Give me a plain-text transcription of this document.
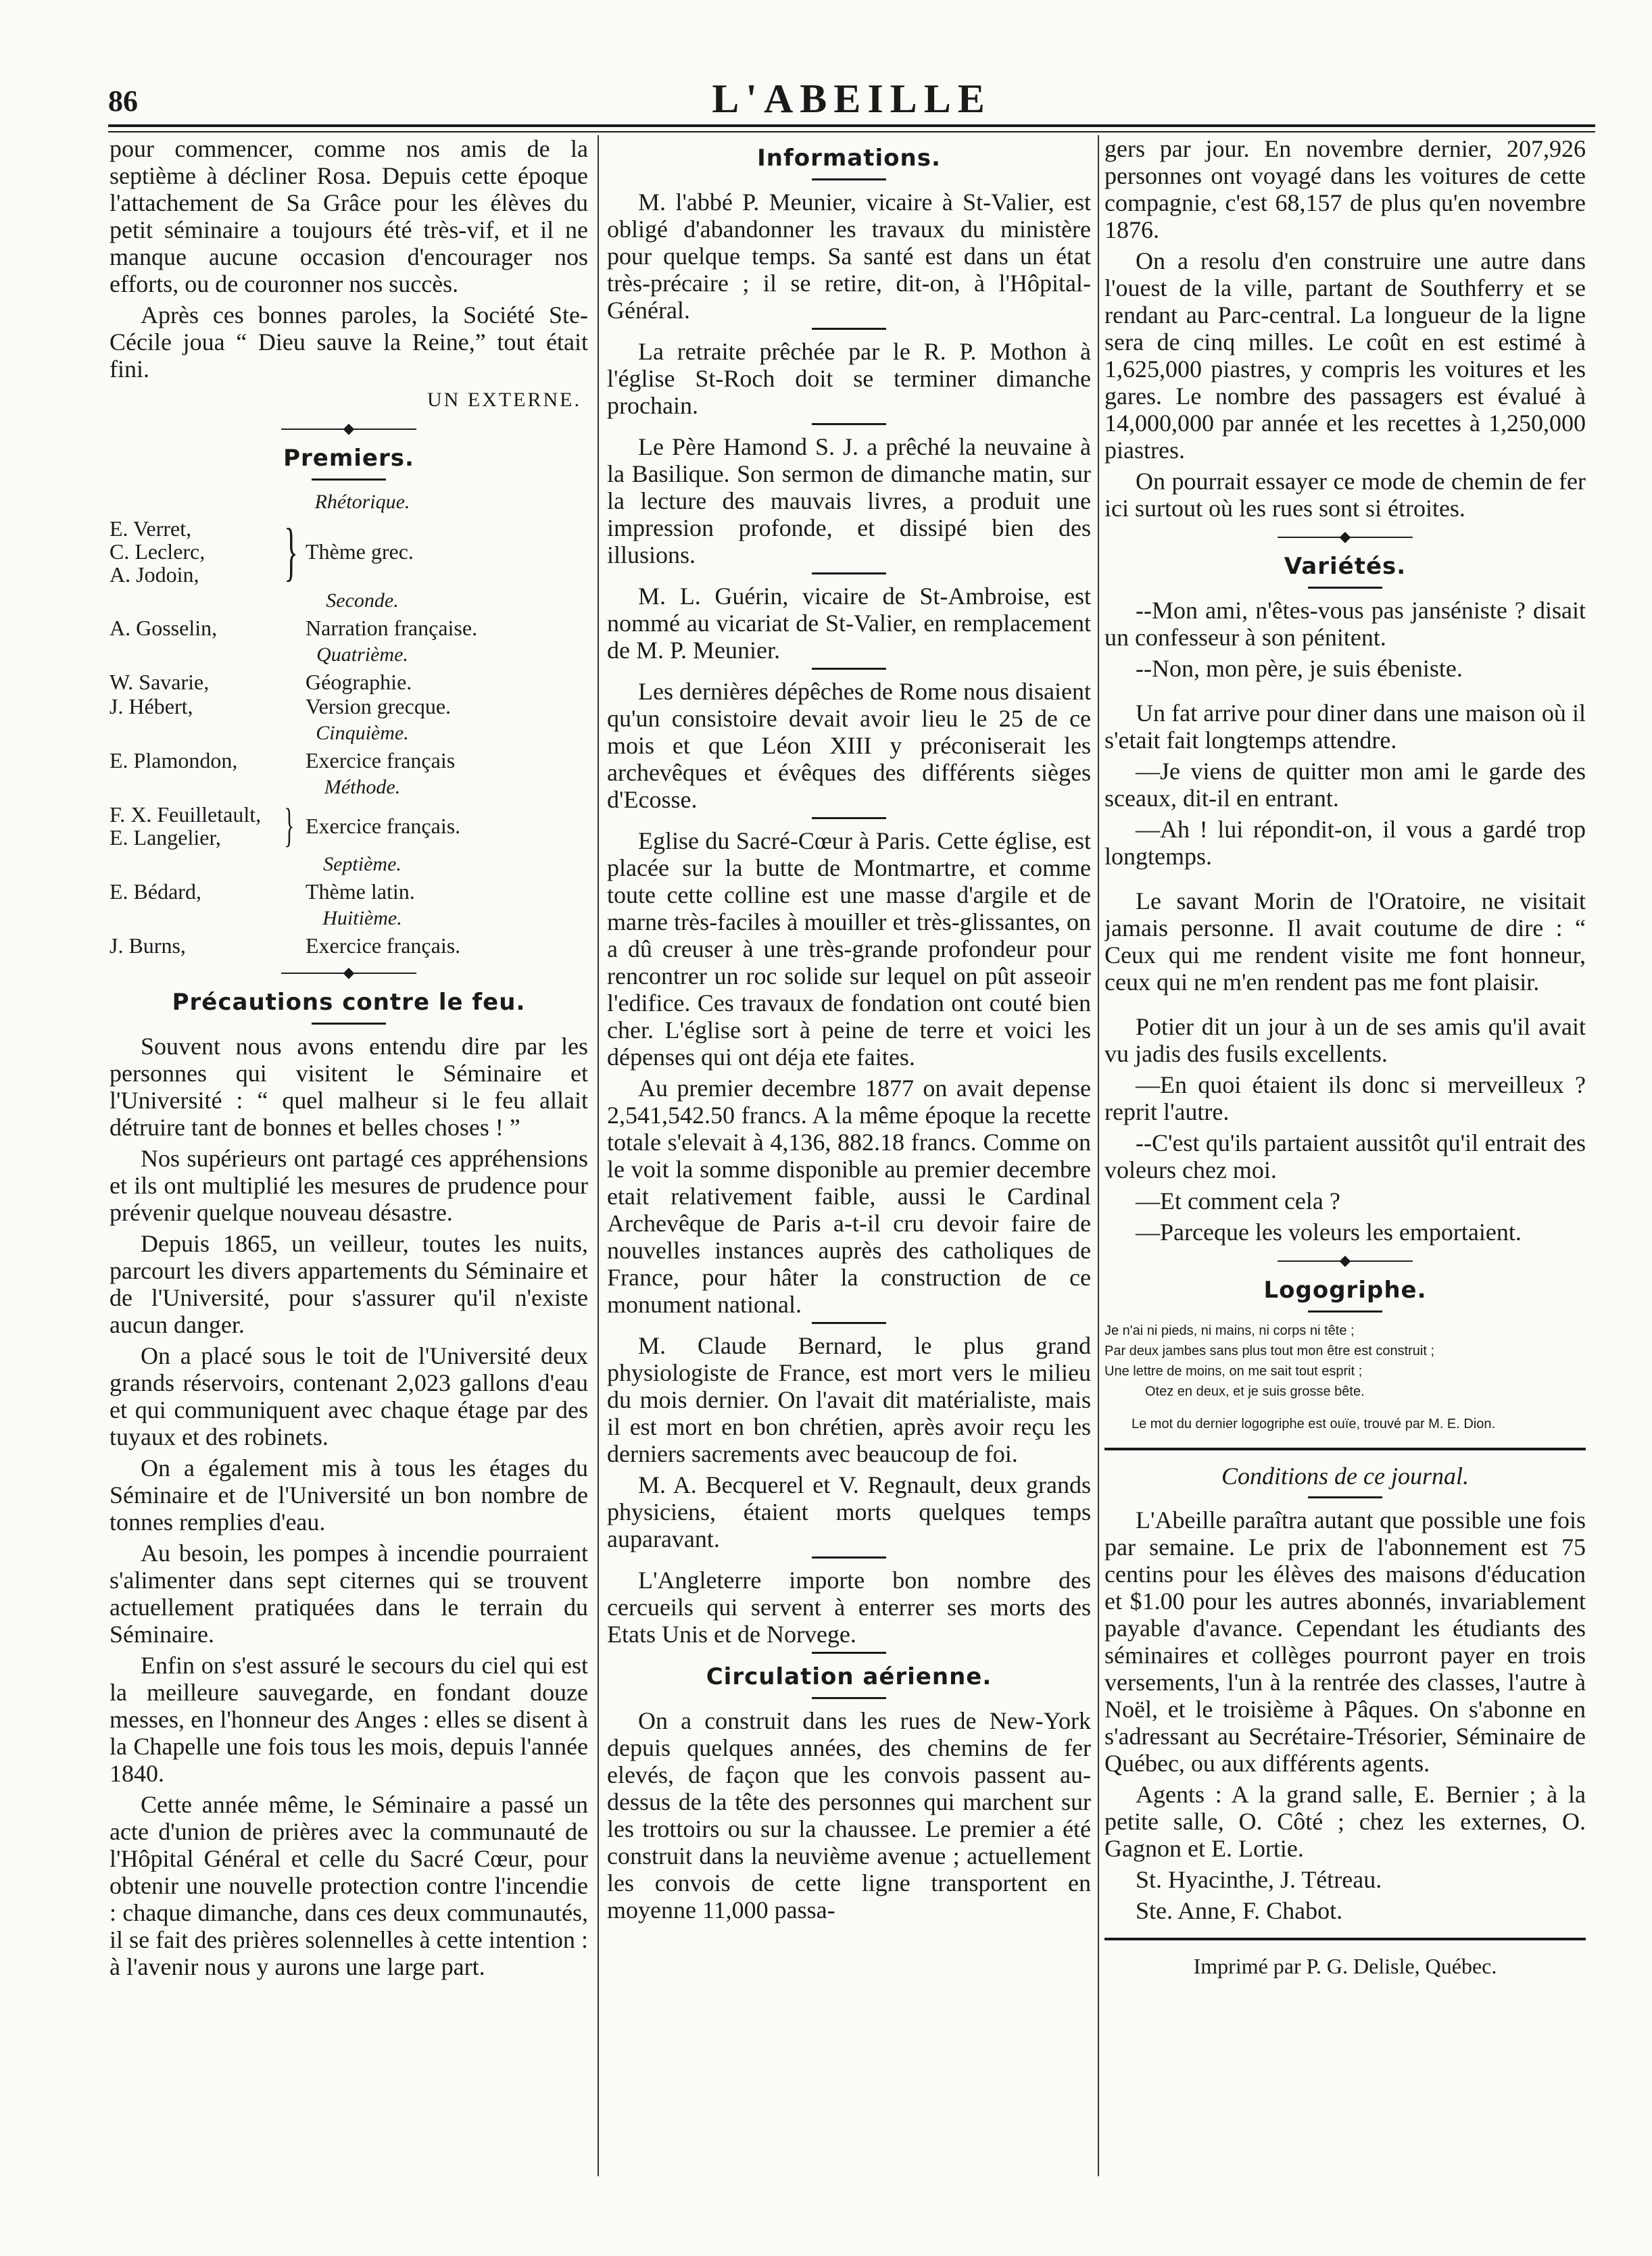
86	L'ABEILLE

pour commencer, comme nos amis de la septième à décliner Rosa. Depuis cette époque l'attachement de Sa Grâce pour les élèves du petit séminaire a toujours été très-vif, et il ne manque aucune occasion d'encourager nos efforts, ou de couronner nos succès.

Après ces bonnes paroles, la Société Ste-Cécile joua “ Dieu sauve la Reine,” tout était fini.

UN EXTERNE.
◆
Premiers.
Rhétorique.
E. Verret,
C. Leclerc,
A. Jodoin,	} Thème grec.
Seconde.
A. Gosselin,	Narration française.
Quatrième.
W. Savarie,	Géographie.
J. Hébert,	Version grecque.
Cinquième.
E. Plamondon,	Exercice français
Méthode.
F. X. Feuilletault,
E. Langelier,	} Exercice français.
Septième.
E. Bédard,	Thème latin.
Huitième.
J. Burns,	Exercice français.
◆
Précautions contre le feu.

Souvent nous avons entendu dire par les personnes qui visitent le Séminaire et l'Université : “ quel malheur si le feu allait détruire tant de bonnes et belles choses ! ”

Nos supérieurs ont partagé ces appréhensions et ils ont multiplié les mesures de prudence pour prévenir quelque nouveau désastre.

Depuis 1865, un veilleur, toutes les nuits, parcourt les divers appartements du Séminaire et de l'Université, pour s'assurer qu'il n'existe aucun danger.

On a placé sous le toit de l'Université deux grands réservoirs, contenant 2,023 gallons d'eau et qui communiquent avec chaque étage par des tuyaux et des robinets.

On a également mis à tous les étages du Séminaire et de l'Université un bon nombre de tonnes remplies d'eau.

Au besoin, les pompes à incendie pourraient s'alimenter dans sept citernes qui se trouvent actuellement pratiquées dans le terrain du Séminaire.

Enfin on s'est assuré le secours du ciel qui est la meilleure sauvegarde, en fondant douze messes, en l'honneur des Anges : elles se disent à la Chapelle une fois tous les mois, depuis l'année 1840.

Cette année même, le Séminaire a passé un acte d'union de prières avec la communauté de l'Hôpital Général et celle du Sacré Cœur, pour obtenir une nouvelle protection contre l'incendie : chaque dimanche, dans ces deux communautés, il se fait des prières solennelles à cette intention : à l'avenir nous y aurons une large part.

Informations.

M. l'abbé P. Meunier, vicaire à St-Valier, est obligé d'abandonner les travaux du ministère pour quelque temps. Sa santé est dans un état très-précaire ; il se retire, dit-on, à l'Hôpital-Général.

La retraite prêchée par le R. P. Mothon à l'église St-Roch doit se terminer dimanche prochain.

Le Père Hamond S. J. a prêché la neuvaine à la Basilique. Son sermon de dimanche matin, sur la lecture des mauvais livres, a produit une impression profonde, et dissipé bien des illusions.

M. L. Guérin, vicaire de St-Ambroise, est nommé au vicariat de St-Valier, en remplacement de M. P. Meunier.

Les dernières dépêches de Rome nous disaient qu'un consistoire devait avoir lieu le 25 de ce mois et que Léon XIII y préconiserait les archevêques et évêques des différents sièges d'Ecosse.

Eglise du Sacré-Cœur à Paris. Cette église, est placée sur la butte de Montmartre, et comme toute cette colline est une masse d'argile et de marne très-faciles à mouiller et très-glissantes, on a dû creuser à une très-grande profondeur pour rencontrer un roc solide sur lequel on pût asseoir l'edifice. Ces travaux de fondation ont couté bien cher. L'église sort à peine de terre et voici les dépenses qui ont déja ete faites.

Au premier decembre 1877 on avait depense 2,541,542.50 francs. A la même époque la recette totale s'elevait à 4,136, 882.18 francs. Comme on le voit la somme disponible au premier decembre etait relativement faible, aussi le Cardinal Archevêque de Paris a-t-il cru devoir faire de nouvelles instances auprès des catholiques de France, pour hâter la construction de ce monument national.

M. Claude Bernard, le plus grand physiologiste de France, est mort vers le milieu du mois dernier. On l'avait dit matérialiste, mais il est mort en bon chrétien, après avoir reçu les derniers sacrements avec beaucoup de foi.

M. A. Becquerel et V. Regnault, deux grands physiciens, étaient morts quelques temps auparavant.

L'Angleterre importe bon nombre des cercueils qui servent à enterrer ses morts des Etats Unis et de Norvege.

Circulation aérienne.

On a construit dans les rues de New-York depuis quelques années, des chemins de fer elevés, de façon que les convois passent au-dessus de la tête des personnes qui marchent sur les trottoirs ou sur la chaussee. Le premier a été construit dans la neuvième avenue ; actuellement les convois de cette ligne transportent en moyenne 11,000 passa-

gers par jour. En novembre dernier, 207,926 personnes ont voyagé dans les voitures de cette compagnie, c'est 68,157 de plus qu'en novembre 1876.

On a resolu d'en construire une autre dans l'ouest de la ville, partant de Southferry et se rendant au Parc-central. La longueur de la ligne sera de cinq milles. Le coût en est estimé à 1,625,000 piastres, y compris les voitures et les gares. Le nombre des passagers est évalué à 14,000,000 par année et les recettes à 1,250,000 piastres.

On pourrait essayer ce mode de chemin de fer ici surtout où les rues sont si étroites.

◆
Variétés.

--Mon ami, n'êtes-vous pas janséniste ? disait un confesseur à son pénitent.

--Non, mon père, je suis ébeniste.

Un fat arrive pour diner dans une maison où il s'etait fait longtemps attendre.

—Je viens de quitter mon ami le garde des sceaux, dit-il en entrant.

—Ah ! lui répondit-on, il vous a gardé trop longtemps.

Le savant Morin de l'Oratoire, ne visitait jamais personne. Il avait coutume de dire : “ Ceux qui me rendent visite me font honneur, ceux qui ne m'en rendent pas me font plaisir.

Potier dit un jour à un de ses amis qu'il avait vu jadis des fusils excellents.

—En quoi étaient ils donc si merveilleux ? reprit l'autre.

--C'est qu'ils partaient aussitôt qu'il entrait des voleurs chez moi.

—Et comment cela ?

—Parceque les voleurs les emportaient.

◆
Logogriphe.

Je n'ai ni pieds, ni mains, ni corps ni tête ;

Par deux jambes sans plus tout mon être est construit ;

Une lettre de moins, on me sait tout esprit ;

Otez en deux, et je suis grosse bête.

Le mot du dernier logogriphe est ouïe, trouvé par M. E. Dion.

Conditions de ce journal.

L'Abeille paraîtra autant que possible une fois par semaine. Le prix de l'abonnement est 75 centins pour les élèves des maisons d'éducation et $1.00 pour les autres abonnés, invariablement payable d'avance. Cependant les étudiants des séminaires et collèges pourront payer en trois versements, l'un à la rentrée des classes, l'autre à Noël, et le troisième à Pâques. On s'abonne en s'adressant au Secrétaire-Trésorier, Séminaire de Québec, ou aux différents agents.

Agents : A la grand salle, E. Bernier ; à la petite salle, O. Côté ; chez les externes, O. Gagnon et E. Lortie.

St. Hyacinthe, J. Tétreau.

Ste. Anne, F. Chabot.

Imprimé par P. G. Delisle, Québec.
